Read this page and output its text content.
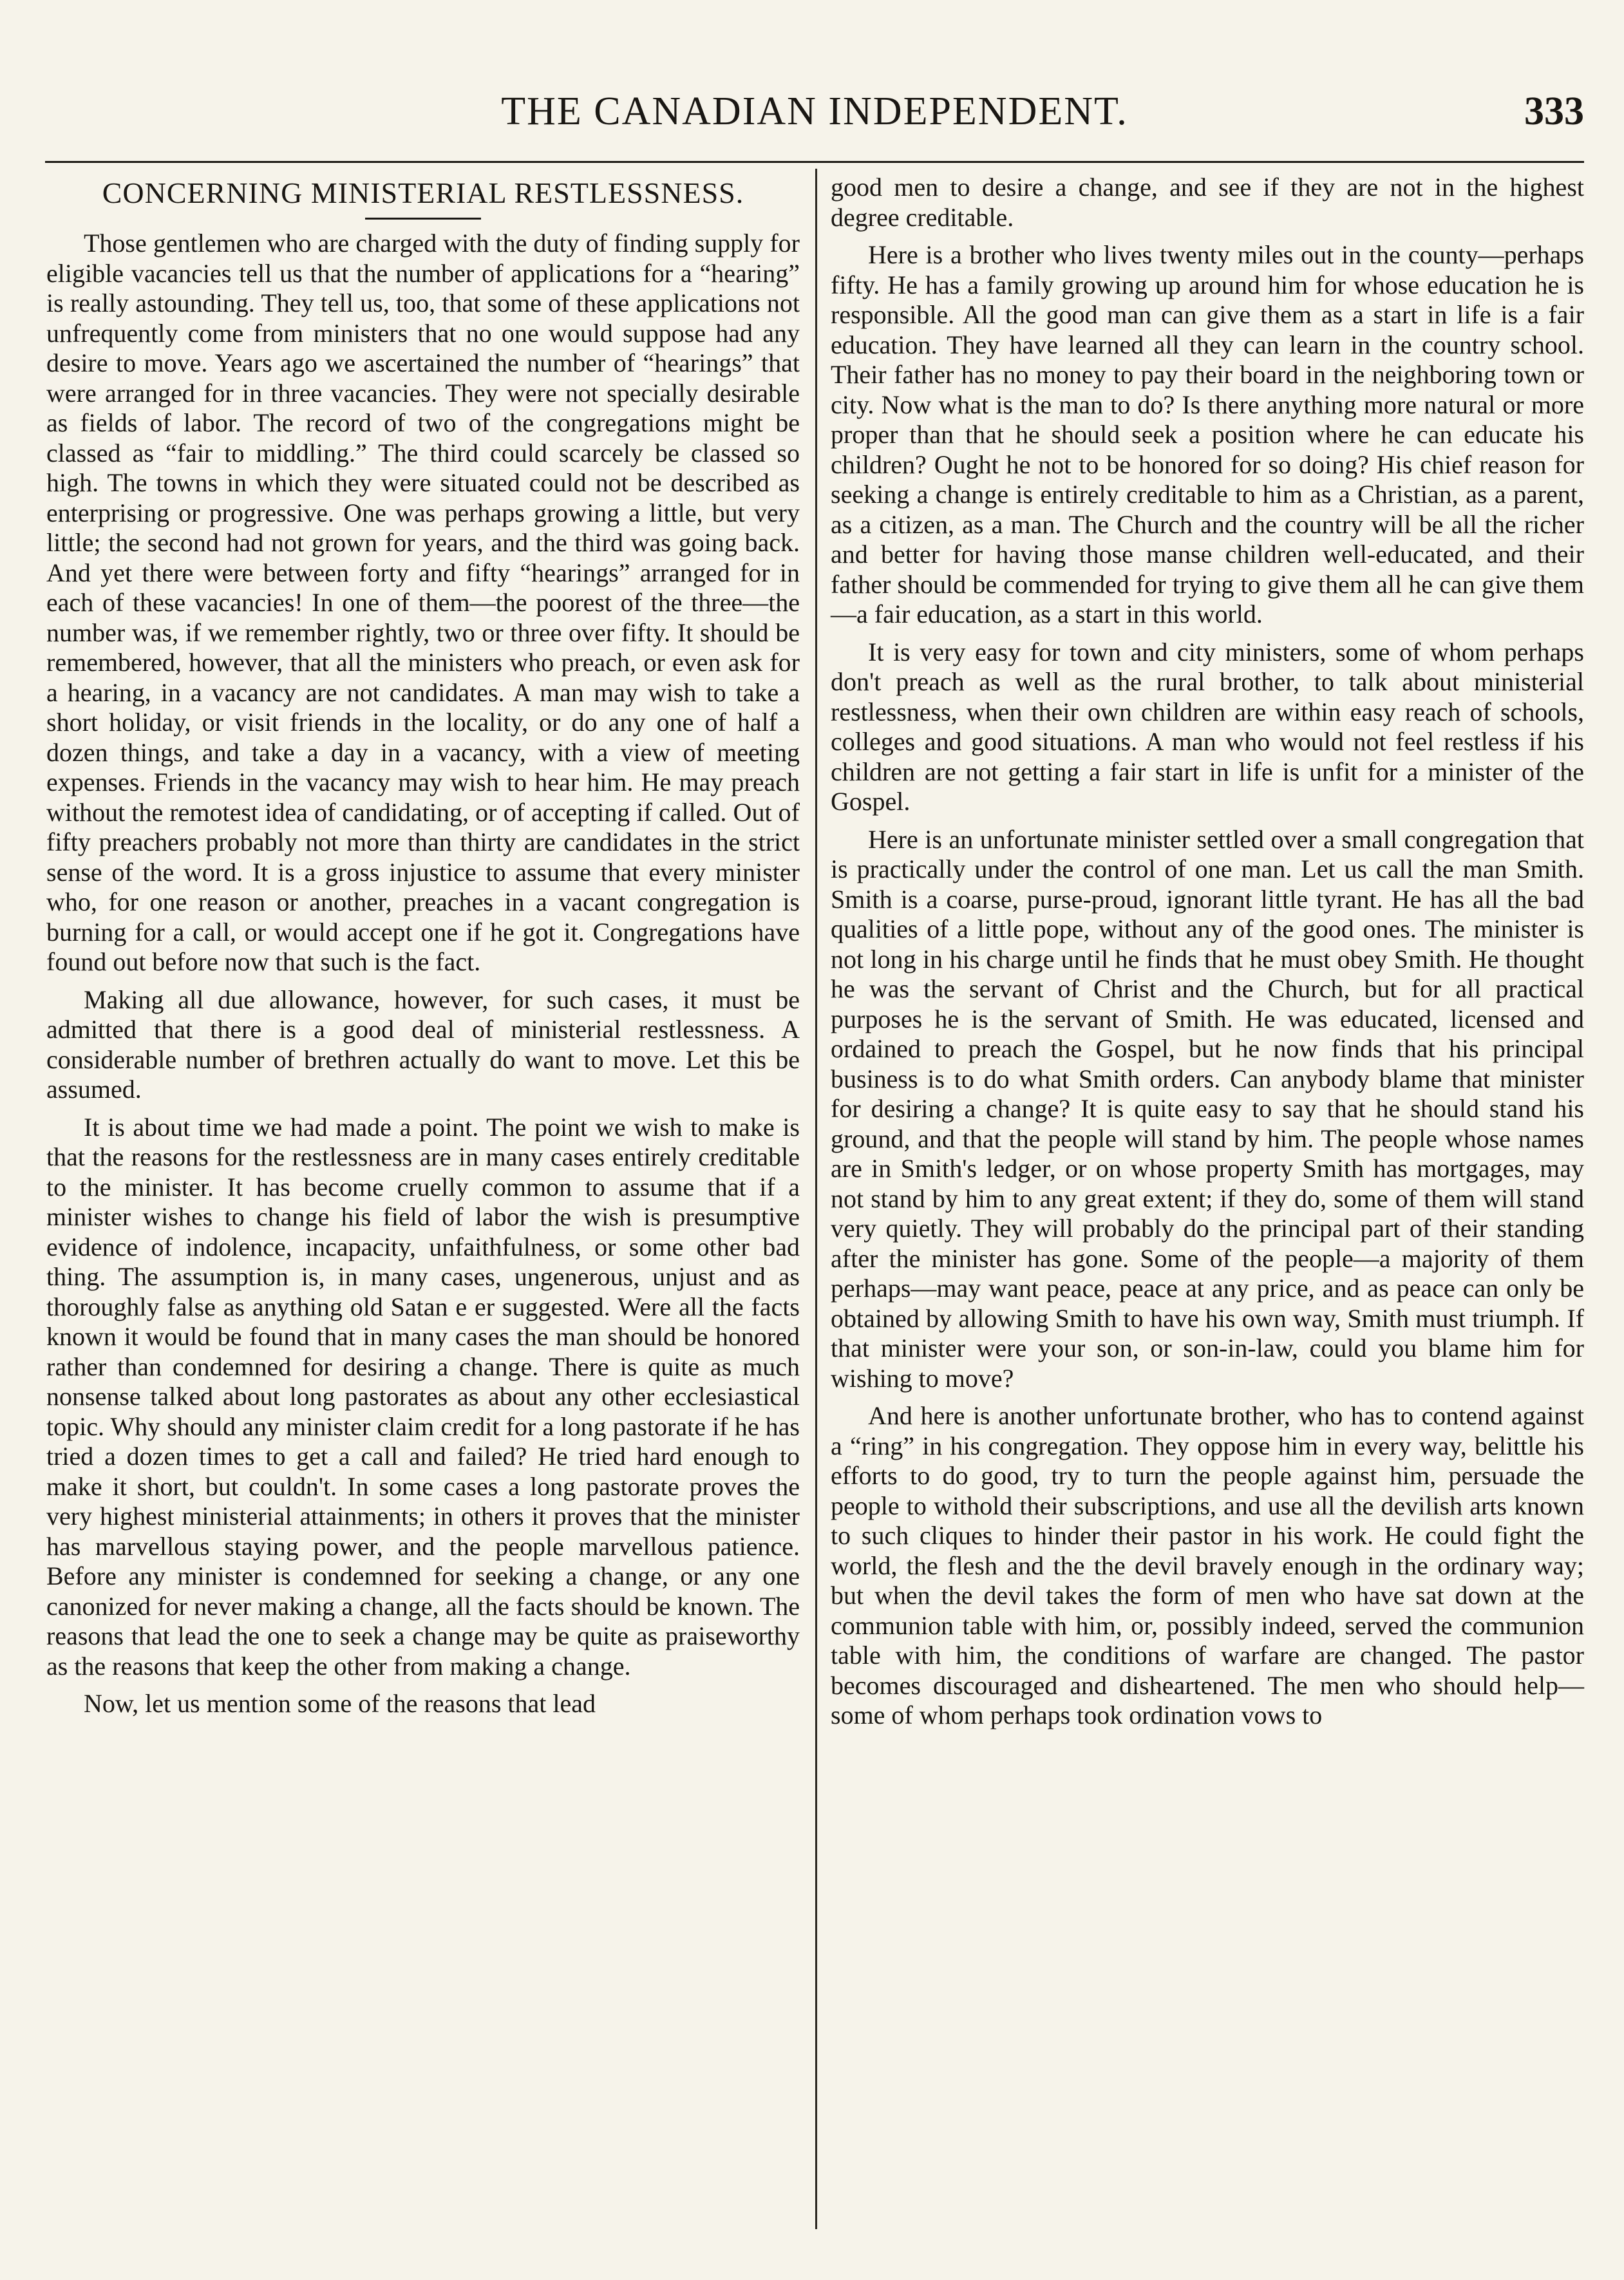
THE CANADIAN INDEPENDENT.	333
CONCERNING MINISTERIAL RESTLESSNESS.

Those gentlemen who are charged with the duty of finding supply for eligible vacancies tell us that the number of applications for a “hearing” is really astounding. They tell us, too, that some of these applications not unfrequently come from ministers that no one would suppose had any desire to move. Years ago we ascertained the number of “hearings” that were arranged for in three vacancies. They were not specially desirable as fields of labor. The record of two of the congregations might be classed as “fair to middling.” The third could scarcely be classed so high. The towns in which they were situated could not be described as enterprising or progressive. One was perhaps growing a little, but very little; the second had not grown for years, and the third was going back. And yet there were between forty and fifty “hearings” arranged for in each of these vacancies! In one of them—the poorest of the three—the number was, if we remember rightly, two or three over fifty. It should be remembered, however, that all the ministers who preach, or even ask for a hearing, in a vacancy are not candidates. A man may wish to take a short holiday, or visit friends in the locality, or do any one of half a dozen things, and take a day in a vacancy, with a view of meeting expenses. Friends in the vacancy may wish to hear him. He may preach without the remotest idea of candidating, or of accepting if called. Out of fifty preachers probably not more than thirty are candidates in the strict sense of the word. It is a gross injustice to assume that every minister who, for one reason or another, preaches in a vacant congregation is burning for a call, or would accept one if he got it. Congregations have found out before now that such is the fact.

Making all due allowance, however, for such cases, it must be admitted that there is a good deal of ministerial restlessness. A considerable number of brethren actually do want to move. Let this be assumed.

It is about time we had made a point. The point we wish to make is that the reasons for the restlessness are in many cases entirely creditable to the minister. It has become cruelly common to assume that if a minister wishes to change his field of labor the wish is presumptive evidence of indolence, incapacity, unfaithfulness, or some other bad thing. The assumption is, in many cases, ungenerous, unjust and as thoroughly false as anything old Satan e er suggested. Were all the facts known it would be found that in many cases the man should be honored rather than condemned for desiring a change. There is quite as much nonsense talked about long pastorates as about any other ecclesiastical topic. Why should any minister claim credit for a long pastorate if he has tried a dozen times to get a call and failed? He tried hard enough to make it short, but couldn't. In some cases a long pastorate proves the very highest ministerial attainments; in others it proves that the minister has marvellous staying power, and the people marvellous patience. Before any minister is condemned for seeking a change, or any one canonized for never making a change, all the facts should be known. The reasons that lead the one to seek a change may be quite as praiseworthy as the reasons that keep the other from making a change.

Now, let us mention some of the reasons that lead

good men to desire a change, and see if they are not in the highest degree creditable.

Here is a brother who lives twenty miles out in the county—perhaps fifty. He has a family growing up around him for whose education he is responsible. All the good man can give them as a start in life is a fair education. They have learned all they can learn in the country school. Their father has no money to pay their board in the neighboring town or city. Now what is the man to do? Is there anything more natural or more proper than that he should seek a position where he can educate his children? Ought he not to be honored for so doing? His chief reason for seeking a change is entirely creditable to him as a Christian, as a parent, as a citizen, as a man. The Church and the country will be all the richer and better for having those manse children well-educated, and their father should be commended for trying to give them all he can give them—a fair education, as a start in this world.

It is very easy for town and city ministers, some of whom perhaps don't preach as well as the rural brother, to talk about ministerial restlessness, when their own children are within easy reach of schools, colleges and good situations. A man who would not feel restless if his children are not getting a fair start in life is unfit for a minister of the Gospel.

Here is an unfortunate minister settled over a small congregation that is practically under the control of one man. Let us call the man Smith. Smith is a coarse, purse-proud, ignorant little tyrant. He has all the bad qualities of a little pope, without any of the good ones. The minister is not long in his charge until he finds that he must obey Smith. He thought he was the servant of Christ and the Church, but for all practical purposes he is the servant of Smith. He was educated, licensed and ordained to preach the Gospel, but he now finds that his principal business is to do what Smith orders. Can anybody blame that minister for desiring a change? It is quite easy to say that he should stand his ground, and that the people will stand by him. The people whose names are in Smith's ledger, or on whose property Smith has mortgages, may not stand by him to any great extent; if they do, some of them will stand very quietly. They will probably do the principal part of their standing after the minister has gone. Some of the people—a majority of them perhaps—may want peace, peace at any price, and as peace can only be obtained by allowing Smith to have his own way, Smith must triumph. If that minister were your son, or son-in-law, could you blame him for wishing to move?

And here is another unfortunate brother, who has to contend against a “ring” in his congregation. They oppose him in every way, belittle his efforts to do good, try to turn the people against him, persuade the people to withold their subscriptions, and use all the devilish arts known to such cliques to hinder their pastor in his work. He could fight the world, the flesh and the the devil bravely enough in the ordinary way; but when the devil takes the form of men who have sat down at the communion table with him, or, possibly indeed, served the communion table with him, the conditions of warfare are changed. The pastor becomes discouraged and disheartened. The men who should help—some of whom perhaps took ordination vows to
